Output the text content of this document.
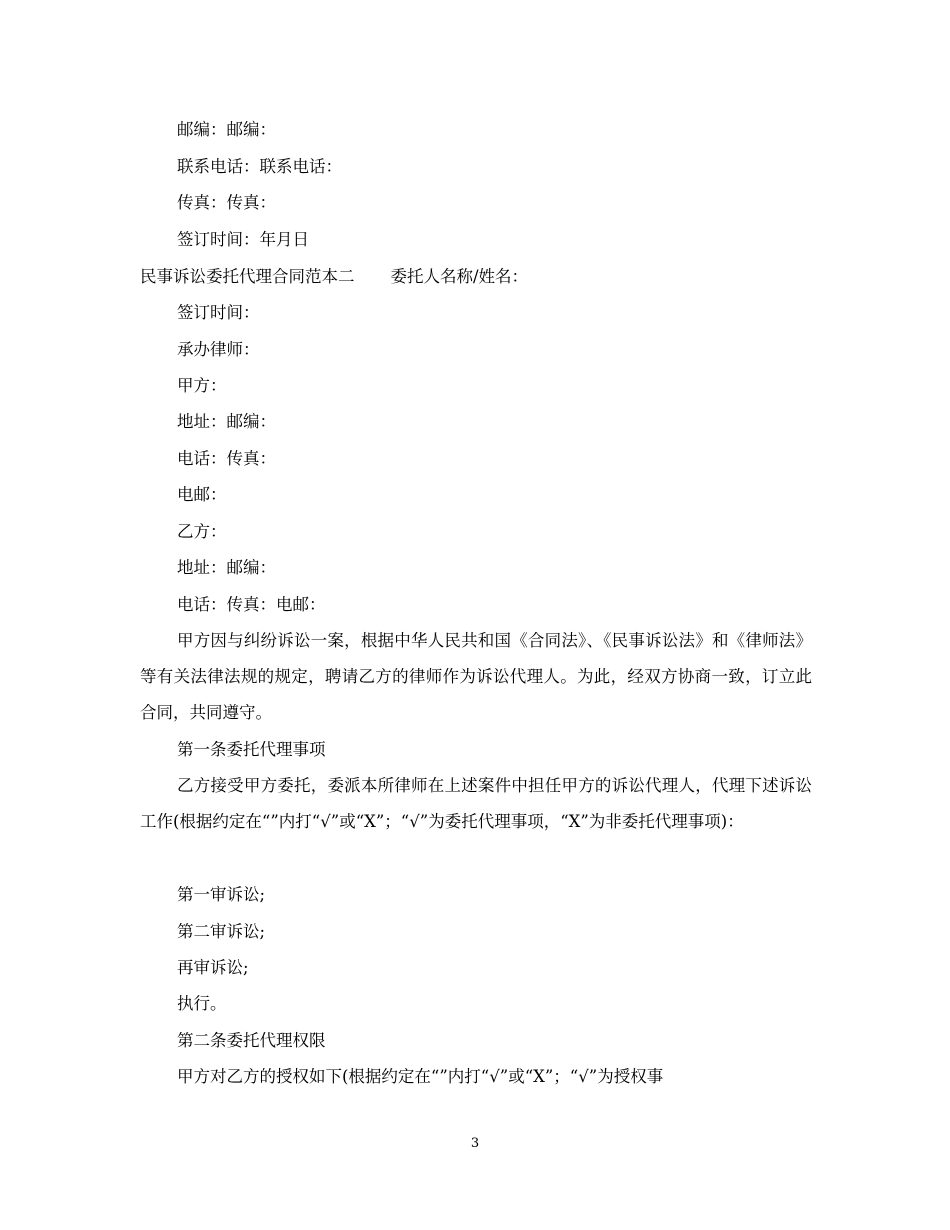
邮编：邮编：
联系电话：联系电话：
传真：传真：
签订时间：年月日
民事诉讼委托代理合同范本二 委托人名称/姓名：
签订时间：
承办律师：
甲方：
地址：邮编：
电话：传真：
电邮：
乙方：
地址：邮编：
电话：传真：电邮：
甲方因与纠纷诉讼一案，根据中华人民共和国《合同法》、《民事诉讼法》和《律师法》等有关法律法规的规定，聘请乙方的律师作为诉讼代理人。为此，经双方协商一致，订立此合同，共同遵守。
第一条委托代理事项
乙方接受甲方委托，委派本所律师在上述案件中担任甲方的诉讼代理人，代理下述诉讼工作(根据约定在“”内打“√”或“X”；“√”为委托代理事项，“X”为非委托代理事项)：
第一审诉讼;
第二审诉讼;
再审诉讼;
执行。
第二条委托代理权限
甲方对乙方的授权如下(根据约定在“”内打“√”或“X”；“√”为授权事
3
